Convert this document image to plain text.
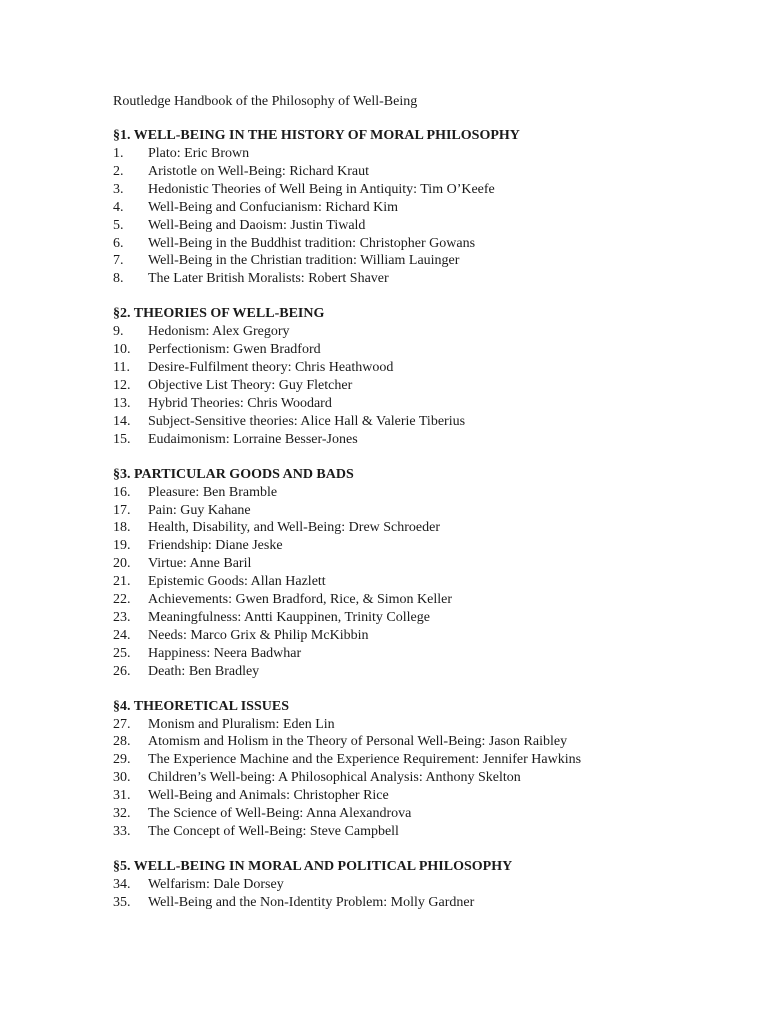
Routledge Handbook of the Philosophy of Well-Being
§1. WELL-BEING IN THE HISTORY OF MORAL PHILOSOPHY
1.	Plato: Eric Brown
2.	Aristotle on Well-Being: Richard Kraut
3.	Hedonistic Theories of Well Being in Antiquity: Tim O’Keefe
4.	Well-Being and Confucianism: Richard Kim
5.	Well-Being and Daoism: Justin Tiwald
6.	Well-Being in the Buddhist tradition: Christopher Gowans
7.	Well-Being in the Christian tradition: William Lauinger
8.	The Later British Moralists: Robert Shaver
§2. THEORIES OF WELL-BEING
9.	Hedonism: Alex Gregory
10.	Perfectionism: Gwen Bradford
11.	Desire-Fulfilment theory: Chris Heathwood
12.	Objective List Theory: Guy Fletcher
13.	Hybrid Theories: Chris Woodard
14.	Subject-Sensitive theories: Alice Hall & Valerie Tiberius
15.	Eudaimonism: Lorraine Besser-Jones
§3. PARTICULAR GOODS AND BADS
16.	Pleasure: Ben Bramble
17.	Pain: Guy Kahane
18.	Health, Disability, and Well-Being: Drew Schroeder
19.	Friendship: Diane Jeske
20.	Virtue: Anne Baril
21.	Epistemic Goods: Allan Hazlett
22.	Achievements: Gwen Bradford, Rice, & Simon Keller
23.	Meaningfulness: Antti Kauppinen, Trinity College
24.	Needs: Marco Grix & Philip McKibbin
25.	Happiness: Neera Badwhar
26.	Death: Ben Bradley
§4. THEORETICAL ISSUES
27.	Monism and Pluralism: Eden Lin
28.	Atomism and Holism in the Theory of Personal Well-Being: Jason Raibley
29.	The Experience Machine and the Experience Requirement: Jennifer Hawkins
30.	Children’s Well-being: A Philosophical Analysis: Anthony Skelton
31.	Well-Being and Animals: Christopher Rice
32.	The Science of Well-Being: Anna Alexandrova
33.	The Concept of Well-Being: Steve Campbell
§5. WELL-BEING IN MORAL AND POLITICAL PHILOSOPHY
34.	Welfarism: Dale Dorsey
35.	Well-Being and the Non-Identity Problem: Molly Gardner
